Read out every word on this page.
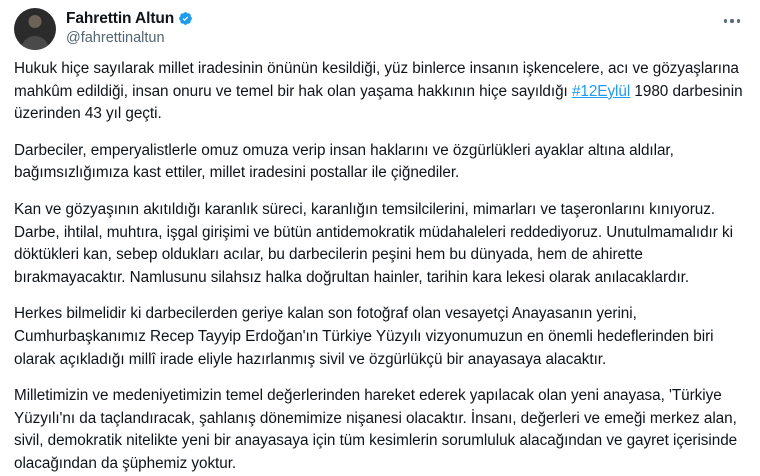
Fahrettin Altun
@fahrettinaltun

Hukuk hiçe sayılarak millet iradesinin önünün kesildiği, yüz binlerce insanın işkencelere, acı ve gözyaşlarına mahkûm edildiği, insan onuru ve temel bir hak olan yaşama hakkının hiçe sayıldığı #12Eylül 1980 darbesinin üzerinden 43 yıl geçti.

Darbeciler, emperyalistlerle omuz omuza verip insan haklarını ve özgürlükleri ayaklar altına aldılar, bağımsızlığımıza kast ettiler, millet iradesini postallar ile çiğnediler.

Kan ve gözyaşının akıtıldığı karanlık süreci, karanlığın temsilcilerini, mimarları ve taşeronlarını kınıyoruz. Darbe, ihtilal, muhtıra, işgal girişimi ve bütün antidemokratik müdahaleleri reddediyoruz. Unutulmamalıdır ki döktükleri kan, sebep oldukları acılar, bu darbecilerin peşini hem bu dünyada, hem de ahirette bırakmayacaktır. Namlusunu silahsız halka doğrultan hainler, tarihin kara lekesi olarak anılacaklardır.

Herkes bilmelidir ki darbecilerden geriye kalan son fotoğraf olan vesayetçi Anayasanın yerini, Cumhurbaşkanımız Recep Tayyip Erdoğan'ın Türkiye Yüzyılı vizyonumuzun en önemli hedeflerinden biri olarak açıkladığı millî irade eliyle hazırlanmış sivil ve özgürlükçü bir anayasaya alacaktır.

Milletimizin ve medeniyetimizin temel değerlerinden hareket ederek yapılacak olan yeni anayasa, 'Türkiye Yüzyılı'nı da taçlandıracak, şahlanış dönemimize nişanesi olacaktır. İnsanı, değerleri ve emeği merkez alan, sivil, demokratik nitelikte yeni bir anayasaya için tüm kesimlerin sorumluluk alacağından ve gayret içerisinde olacağından da şüphemiz yoktur.
